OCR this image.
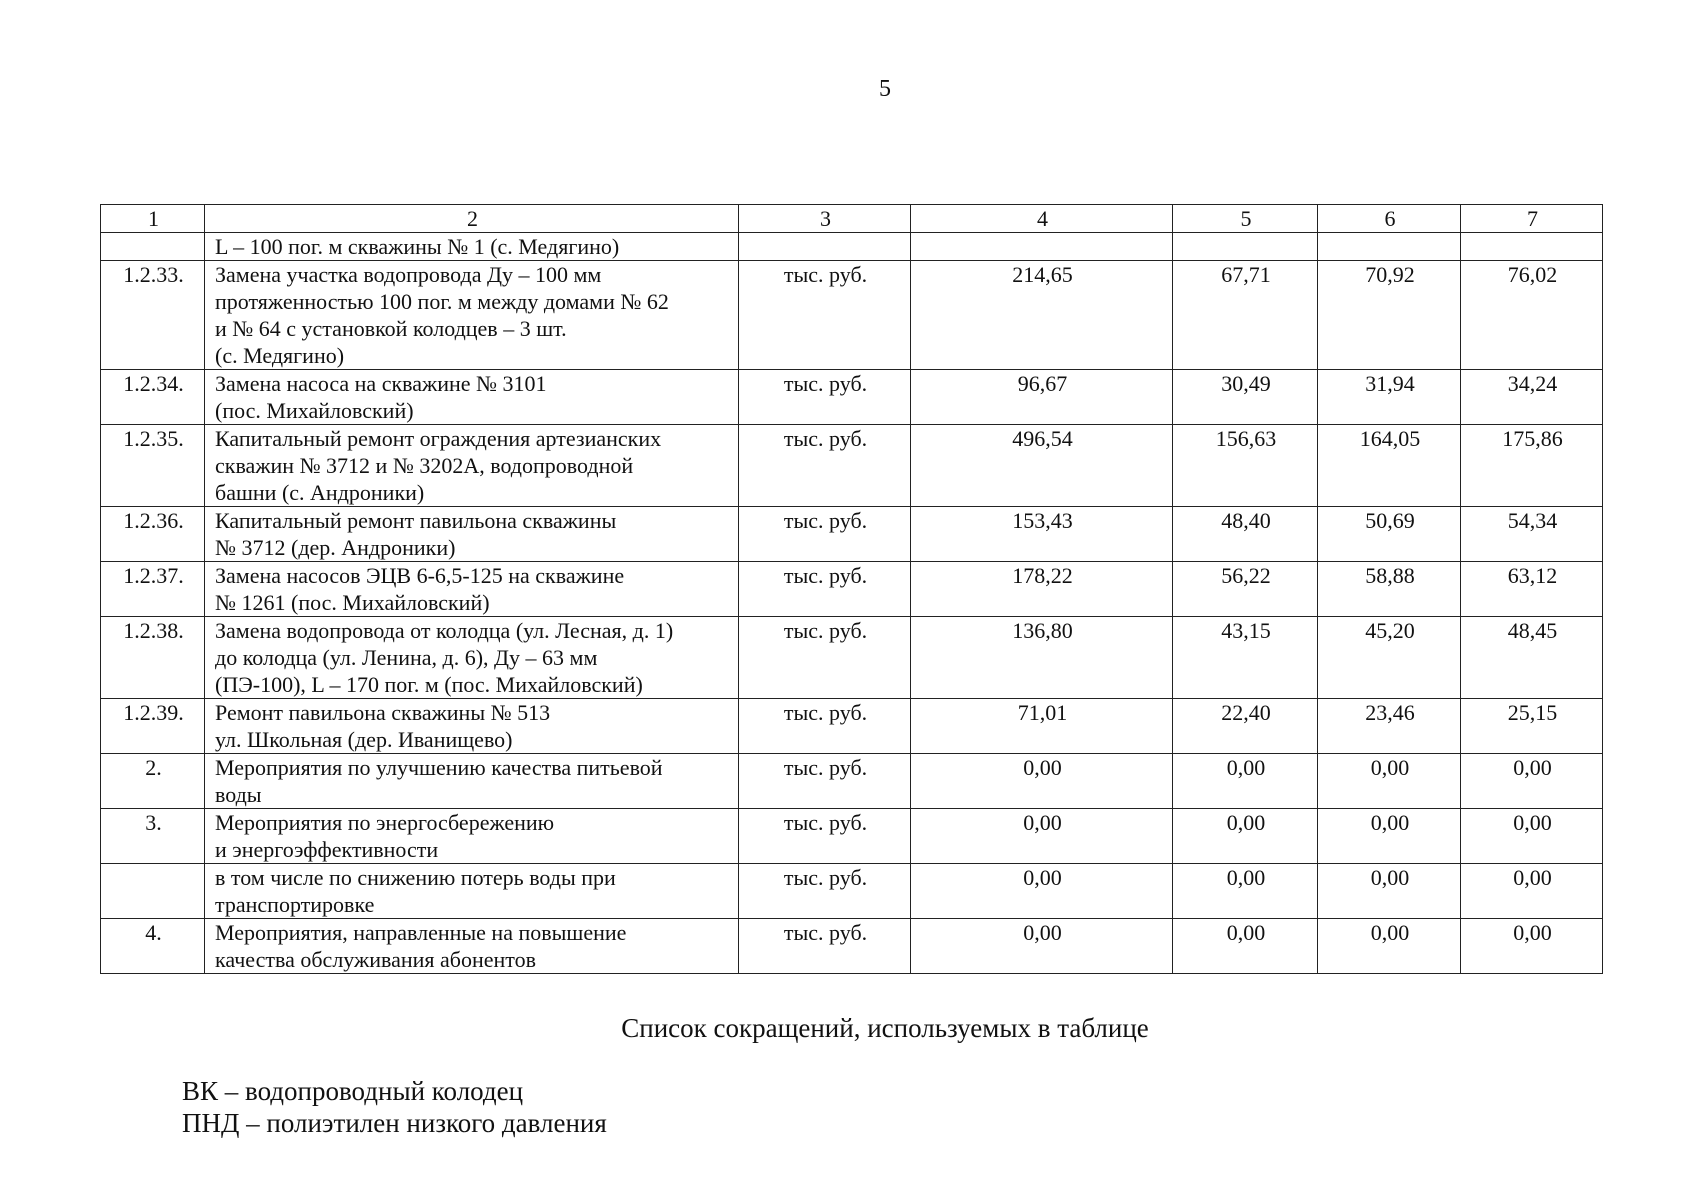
5
1	2	3	4	5	6	7

	L – 100 пог. м скважины № 1 (с. Медягино)					

1.2.33.	Замена участка водопровода Ду – 100 мм
протяженностью 100 пог. м между домами № 62
и № 64 с установкой колодцев – 3 шт.
(с. Медягино)	тыс. руб.	214,65	67,71	70,92	76,02
1.2.34.	Замена насоса на скважине № 3101
(пос. Михайловский)	тыс. руб.	96,67	30,49	31,94	34,24
1.2.35.	Капитальный ремонт ограждения артезианских
скважин № 3712 и № 3202А, водопроводной
башни (с. Андроники)	тыс. руб.	496,54	156,63	164,05	175,86
1.2.36.	Капитальный ремонт павильона скважины
№ 3712 (дер. Андроники)	тыс. руб.	153,43	48,40	50,69	54,34
1.2.37.	Замена насосов ЭЦВ 6-6,5-125 на скважине
№ 1261 (пос. Михайловский)	тыс. руб.	178,22	56,22	58,88	63,12
1.2.38.	Замена водопровода от колодца (ул. Лесная, д. 1)
до колодца (ул. Ленина, д. 6), Ду – 63 мм
(ПЭ-100), L – 170 пог. м (пос. Михайловский)	тыс. руб.	136,80	43,15	45,20	48,45
1.2.39.	Ремонт павильона скважины № 513
ул. Школьная (дер. Иванищево)	тыс. руб.	71,01	22,40	23,46	25,15
2.	Мероприятия по улучшению качества питьевой
воды	тыс. руб.	0,00	0,00	0,00	0,00
3.	Мероприятия по энергосбережению
и энергоэффективности	тыс. руб.	0,00	0,00	0,00	0,00

	в том числе по снижению потерь воды при
транспортировке	тыс. руб.	0,00	0,00	0,00	0,00
4.	Мероприятия, направленные на повышение
качества обслуживания абонентов	тыс. руб.	0,00	0,00	0,00	0,00
Список сокращений, используемых в таблице
ВК – водопроводный колодец
ПНД – полиэтилен низкого давления
